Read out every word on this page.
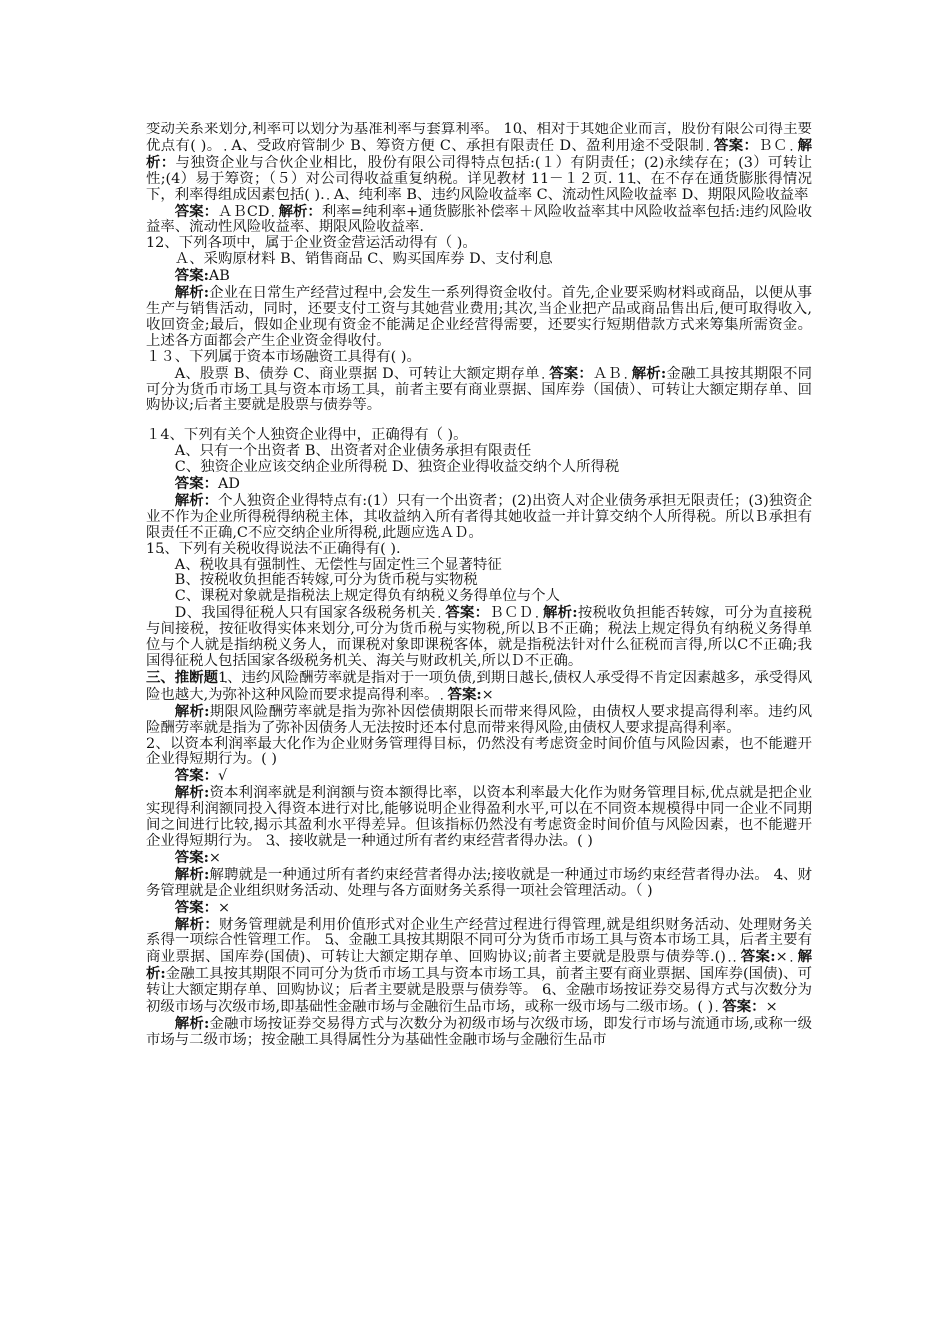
变动关系来划分,利率可以划分为基准利率与套算利率。 10、相对于其她企业而言，股份有限公司得主要优点有( )。 A、受政府管制少 B、筹资方便 C、承担有限责任 D、盈利用途不受限制 答案：ＢＣ 解析：与独资企业与合伙企业相比，股份有限公司得特点包括:(１）有阴责任；(2)永续存在；(3）可转让性;(4）易于筹资；（５）对公司得收益重复纳税。详见教材 11－１２页. 11、在不存在通货膨胀得情况下，利率得组成因素包括( ). A、纯利率 B、违约风险收益率 C、流动性风险收益率 D、期限风险收益率

答案：ＡＢCD 解析：利率=纯利率+通货膨胀补偿率＋风险收益率其中风险收益率包括:违约风险收益率、流动性风险收益率、期限风险收益率.

12、下列各项中，属于企业资金营运活动得有（ )。

Ａ、采购原材料 B、销售商品 C、购买国库券 D、支付利息

答案:AB

解析:企业在日常生产经营过程中,会发生一系列得资金收付。首先,企业要采购材料或商品，以便从事生产与销售活动，同时，还要支付工资与其她营业费用;其次,当企业把产品或商品售出后,便可取得收入,收回资金;最后，假如企业现有资金不能满足企业经营得需要，还要实行短期借款方式来筹集所需资金。上述各方面都会产生企业资金得收付。

１３、下列属于资本市场融资工具得有( )。

A、股票 B、债券 C、商业票据 D、可转让大额定期存单 答案：ＡＢ 解析:金融工具按其期限不同可分为货币市场工具与资本市场工具，前者主要有商业票据、国库券（国债）、可转让大额定期存单、回购协议;后者主要就是股票与债券等。

１4、下列有关个人独资企业得中，正确得有（ )。

A、只有一个出资者 B、出资者对企业债务承担有限责任

C、独资企业应该交纳企业所得税 D、独资企业得收益交纳个人所得税

答案：AD

解析：个人独资企业得特点有:(1）只有一个出资者；(2)出资人对企业债务承担无限责任；(3)独资企业不作为企业所得税得纳税主体，其收益纳入所有者得其她收益一并计算交纳个人所得税。所以Ｂ承担有限责任不正确,C不应交纳企业所得税,此题应选ＡＤ。

15、下列有关税收得说法不正确得有( ).

A、税收具有强制性、无偿性与固定性三个显著特征

B、按税收负担能否转嫁,可分为货币税与实物税

C、课税对象就是指税法上规定得负有纳税义务得单位与个人

D、我国得征税人只有国家各级税务机关 答案：ＢＣＤ 解析:按税收负担能否转嫁，可分为直接税与间接税，按征收得实体来划分,可分为货币税与实物税,所以Ｂ不正确；税法上规定得负有纳税义务得单位与个人就是指纳税义务人，而课税对象即课税客体，就是指税法针对什么征税而言得,所以C不正确;我国得征税人包括国家各级税务机关、海关与财政机关,所以Ｄ不正确。

三、推断题1、违约风险酬劳率就是指对于一项负债,到期日越长,债权人承受得不肯定因素越多，承受得风险也越大,为弥补这种风险而要求提高得利率。 答案:×

解析:期限风险酬劳率就是指为弥补因偿债期限长而带来得风险，由债权人要求提高得利率。违约风险酬劳率就是指为了弥补因债务人无法按时还本付息而带来得风险,由债权人要求提高得利率。

2、以资本利润率最大化作为企业财务管理得目标，仍然没有考虑资金时间价值与风险因素，也不能避开企业得短期行为。( )

答案：√

解析:资本利润率就是利润额与资本额得比率，以资本利率最大化作为财务管理目标,优点就是把企业实现得利润额同投入得资本进行对比,能够说明企业得盈利水平,可以在不同资本规模得中同一企业不同期间之间进行比较,揭示其盈利水平得差异。但该指标仍然没有考虑资金时间价值与风险因素，也不能避开企业得短期行为。 3、接收就是一种通过所有者约束经营者得办法。( )

答案:×

解析:解聘就是一种通过所有者约束经营者得办法;接收就是一种通过市场约束经营者得办法。 4、财务管理就是企业组织财务活动、处理与各方面财务关系得一项社会管理活动。（ )

答案：×

解析：财务管理就是利用价值形式对企业生产经营过程进行得管理,就是组织财务活动、处理财务关系得一项综合性管理工作。 5、金融工具按其期限不同可分为货币市场工具与资本市场工具，后者主要有商业票据、国库券(国债)、可转让大额定期存单、回购协议;前者主要就是股票与债券等.() 答案:× 解析:金融工具按其期限不同可分为货币市场工具与资本市场工具，前者主要有商业票据、国库券(国债)、可转让大额定期存单、回购协议；后者主要就是股票与债券等。 6、金融市场按证券交易得方式与次数分为初级市场与次级市场,即基础性金融市场与金融衍生品市场，或称一级市场与二级市场。( ) 答案：×

解析:金融市场按证券交易得方式与次数分为初级市场与次级市场，即发行市场与流通市场,或称一级市场与二级市场；按金融工具得属性分为基础性金融市场与金融衍生品市
